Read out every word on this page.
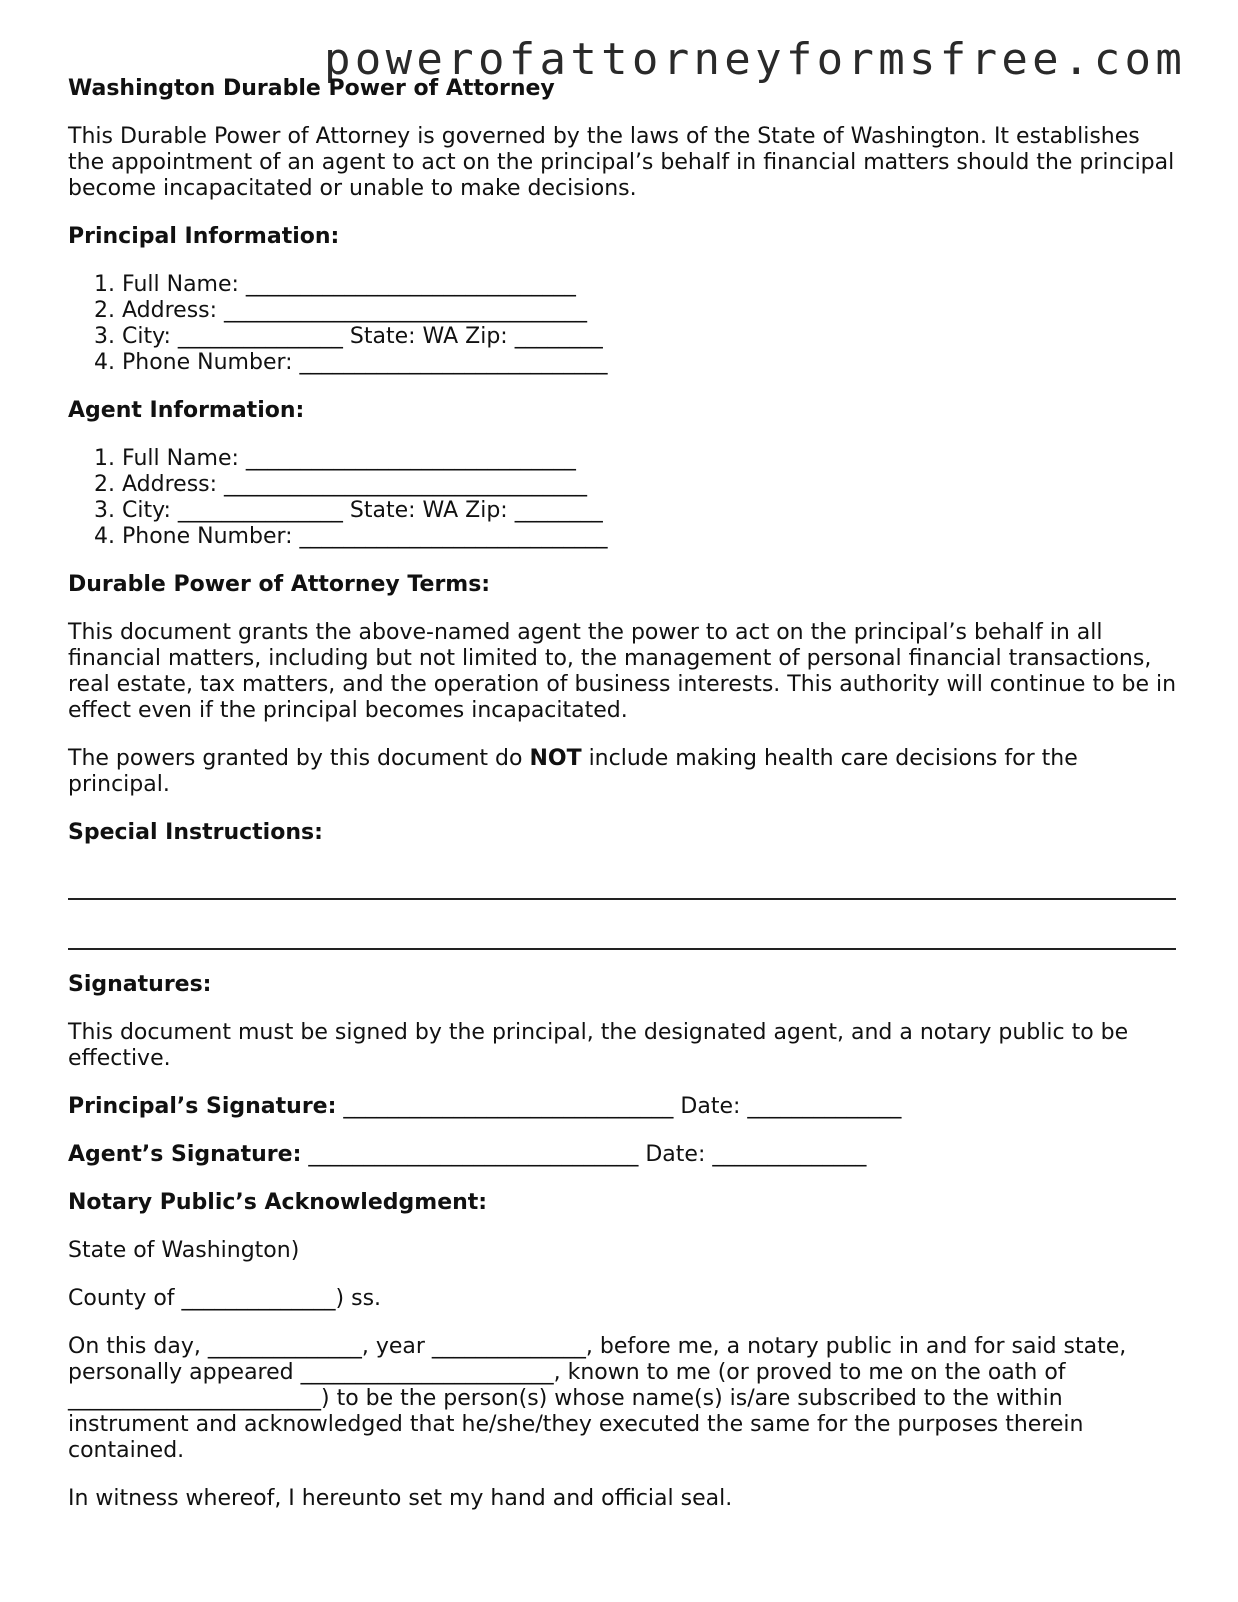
powerofattorneyformsfree.com

Washington Durable Power of Attorney

This Durable Power of Attorney is governed by the laws of the State of Washington. It establishes the appointment of an agent to act on the principal’s behalf in financial matters should the principal become incapacitated or unable to make decisions.

Principal Information:

1. Full Name: ______________________________
2. Address: _________________________________
3. City: _______________ State: WA Zip: ________
4. Phone Number: ____________________________

Agent Information:

1. Full Name: ______________________________
2. Address: _________________________________
3. City: _______________ State: WA Zip: ________
4. Phone Number: ____________________________

Durable Power of Attorney Terms:

This document grants the above-named agent the power to act on the principal’s behalf in all financial matters, including but not limited to, the management of personal financial transactions, real estate, tax matters, and the operation of business interests. This authority will continue to be in effect even if the principal becomes incapacitated.

The powers granted by this document do NOT include making health care decisions for the principal.

Special Instructions:

Signatures:

This document must be signed by the principal, the designated agent, and a notary public to be effective.

Principal’s Signature: ______________________________ Date: ______________

Agent’s Signature: ______________________________ Date: ______________

Notary Public’s Acknowledgment:

State of Washington)

County of ______________) ss.

On this day, ______________, year ______________, before me, a notary public in and for said state, personally appeared _______________________, known to me (or proved to me on the oath of _______________________) to be the person(s) whose name(s) is/are subscribed to the within instrument and acknowledged that he/she/they executed the same for the purposes therein contained.

In witness whereof, I hereunto set my hand and official seal.
